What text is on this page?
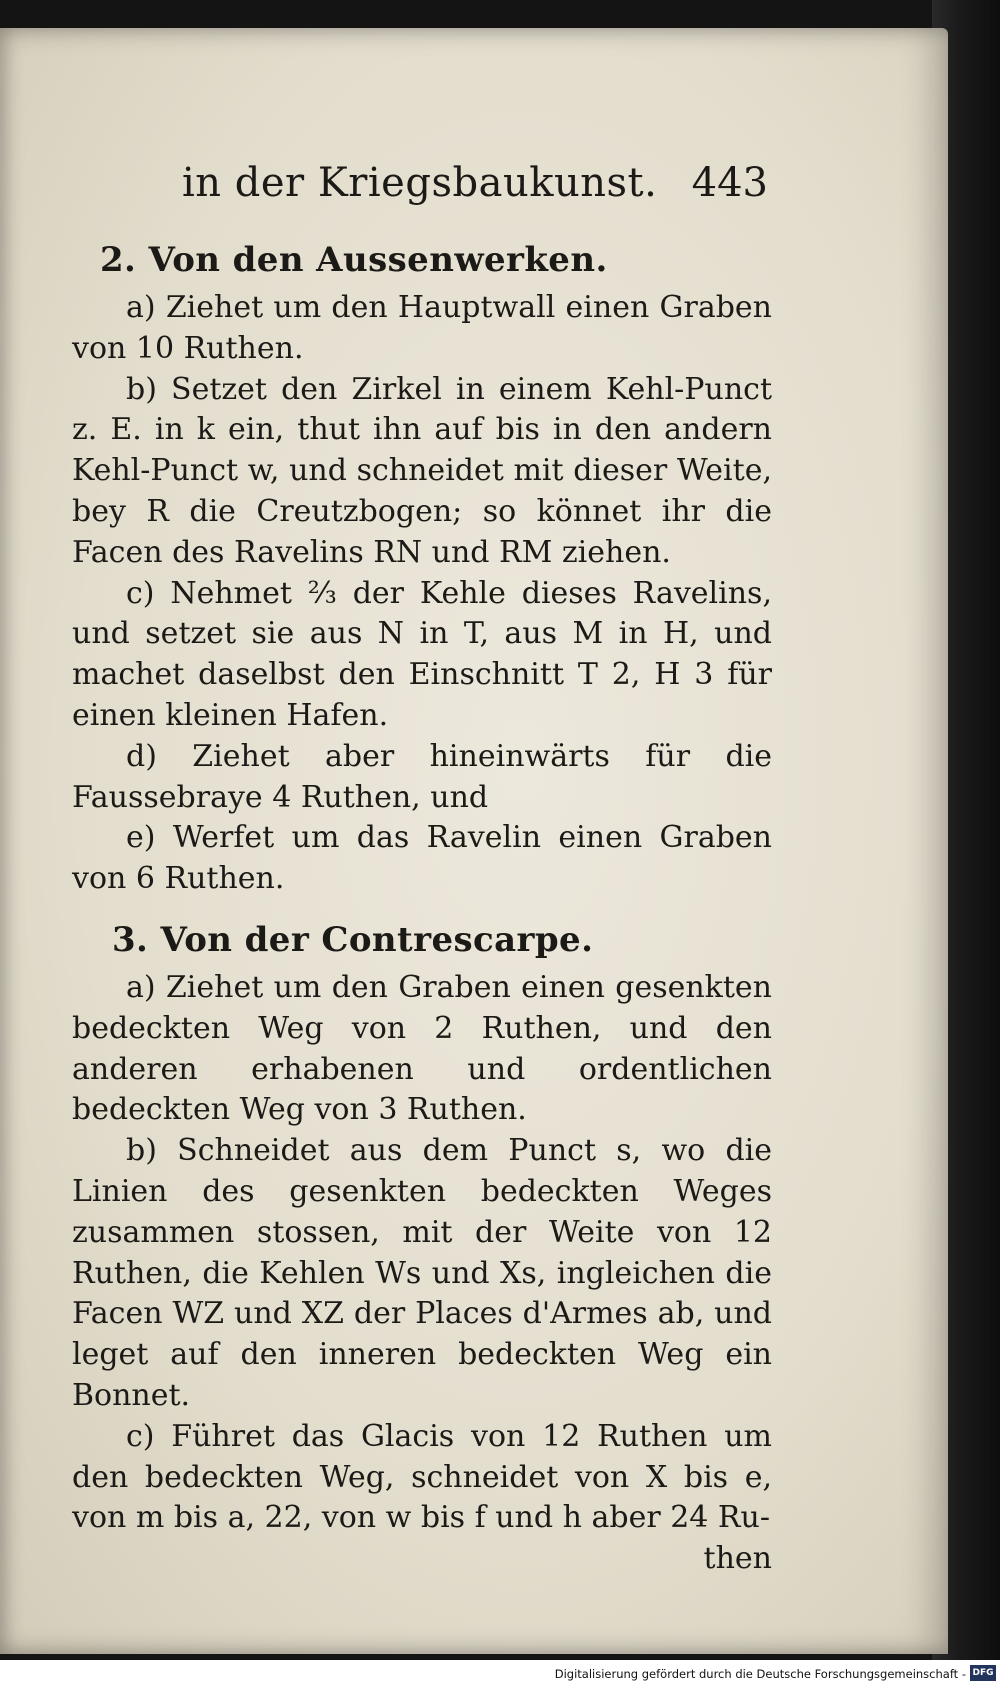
in der Kriegsbaukunst. 443
2. Von den Aussenwerken.

a) Ziehet um den Hauptwall einen Graben von 10 Ruthen.

b) Setzet den Zirkel in einem Kehl-Punct z. E. in k ein, thut ihn auf bis in den andern Kehl-Punct w, und schneidet mit dieser Weite, bey R die Creutzbogen; so könnet ihr die Facen des Ravelins RN und RM ziehen.

c) Nehmet ⅔ der Kehle dieses Ravelins, und setzet sie aus N in T, aus M in H, und machet daselbst den Einschnitt T 2, H 3 für einen kleinen Hafen.

d) Ziehet aber hineinwärts für die Faussebraye 4 Ruthen, und

e) Werfet um das Ravelin einen Graben von 6 Ruthen.

3. Von der Contrescarpe.

a) Ziehet um den Graben einen gesenkten bedeckten Weg von 2 Ruthen, und den anderen erhabenen und ordentlichen bedeckten Weg von 3 Ruthen.

b) Schneidet aus dem Punct s, wo die Linien des gesenkten bedeckten Weges zusammen stossen, mit der Weite von 12 Ruthen, die Kehlen Ws und Xs, ingleichen die Facen WZ und XZ der Places d'Armes ab, und leget auf den inneren bedeckten Weg ein Bonnet.

c) Führet das Glacis von 12 Ruthen um den bedeckten Weg, schneidet von X bis e, von m bis a, 22, von w bis f und h aber 24 Ru-

then

Digitalisierung gefördert durch die Deutsche Forschungsgemeinschaft - DFG
